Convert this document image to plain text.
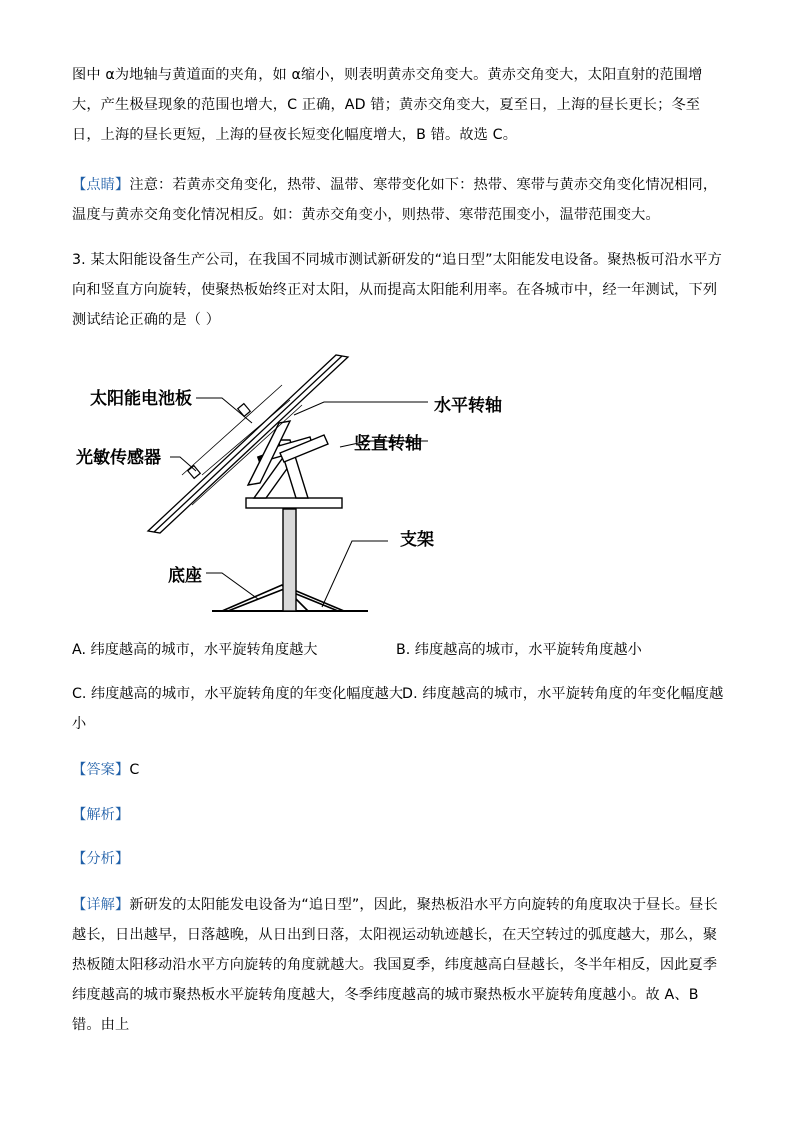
图中 α为地轴与黄道面的夹角，如 α缩小，则表明黄赤交角变大。黄赤交角变大，太阳直射的范围增大，产生极昼现象的范围也增大，C 正确，AD 错；黄赤交角变大，夏至日，上海的昼长更长；冬至日，上海的昼长更短，上海的昼夜长短变化幅度增大，B 错。故选 C。

【点睛】注意：若黄赤交角变化，热带、温带、寒带变化如下：热带、寒带与黄赤交角变化情况相同，温度与黄赤交角变化情况相反。如：黄赤交角变小，则热带、寒带范围变小，温带范围变大。

3. 某太阳能设备生产公司，在我国不同城市测试新研发的“追日型”太阳能发电设备。聚热板可沿水平方向和竖直方向旋转，使聚热板始终正对太阳，从而提高太阳能利用率。在各城市中，经一年测试，下列测试结论正确的是（ ）

太阳能电池板
光敏传感器
水平转轴
竖直转轴
支架
底座

A. 纬度越高的城市，水平旋转角度越大	B. 纬度越高的城市，水平旋转角度越小

C. 纬度越高的城市，水平旋转角度的年变化幅度越大

D. 纬度越高的城市，水平旋转角度的年变化幅度越小

【答案】C

【解析】

【分析】

【详解】新研发的太阳能发电设备为“追日型”，因此，聚热板沿水平方向旋转的角度取决于昼长。昼长越长，日出越早，日落越晚，从日出到日落，太阳视运动轨迹越长，在天空转过的弧度越大，那么，聚热板随太阳移动沿水平方向旋转的角度就越大。我国夏季，纬度越高白昼越长，冬半年相反，因此夏季纬度越高的城市聚热板水平旋转角度越大，冬季纬度越高的城市聚热板水平旋转角度越小。故 A、B 错。由上
